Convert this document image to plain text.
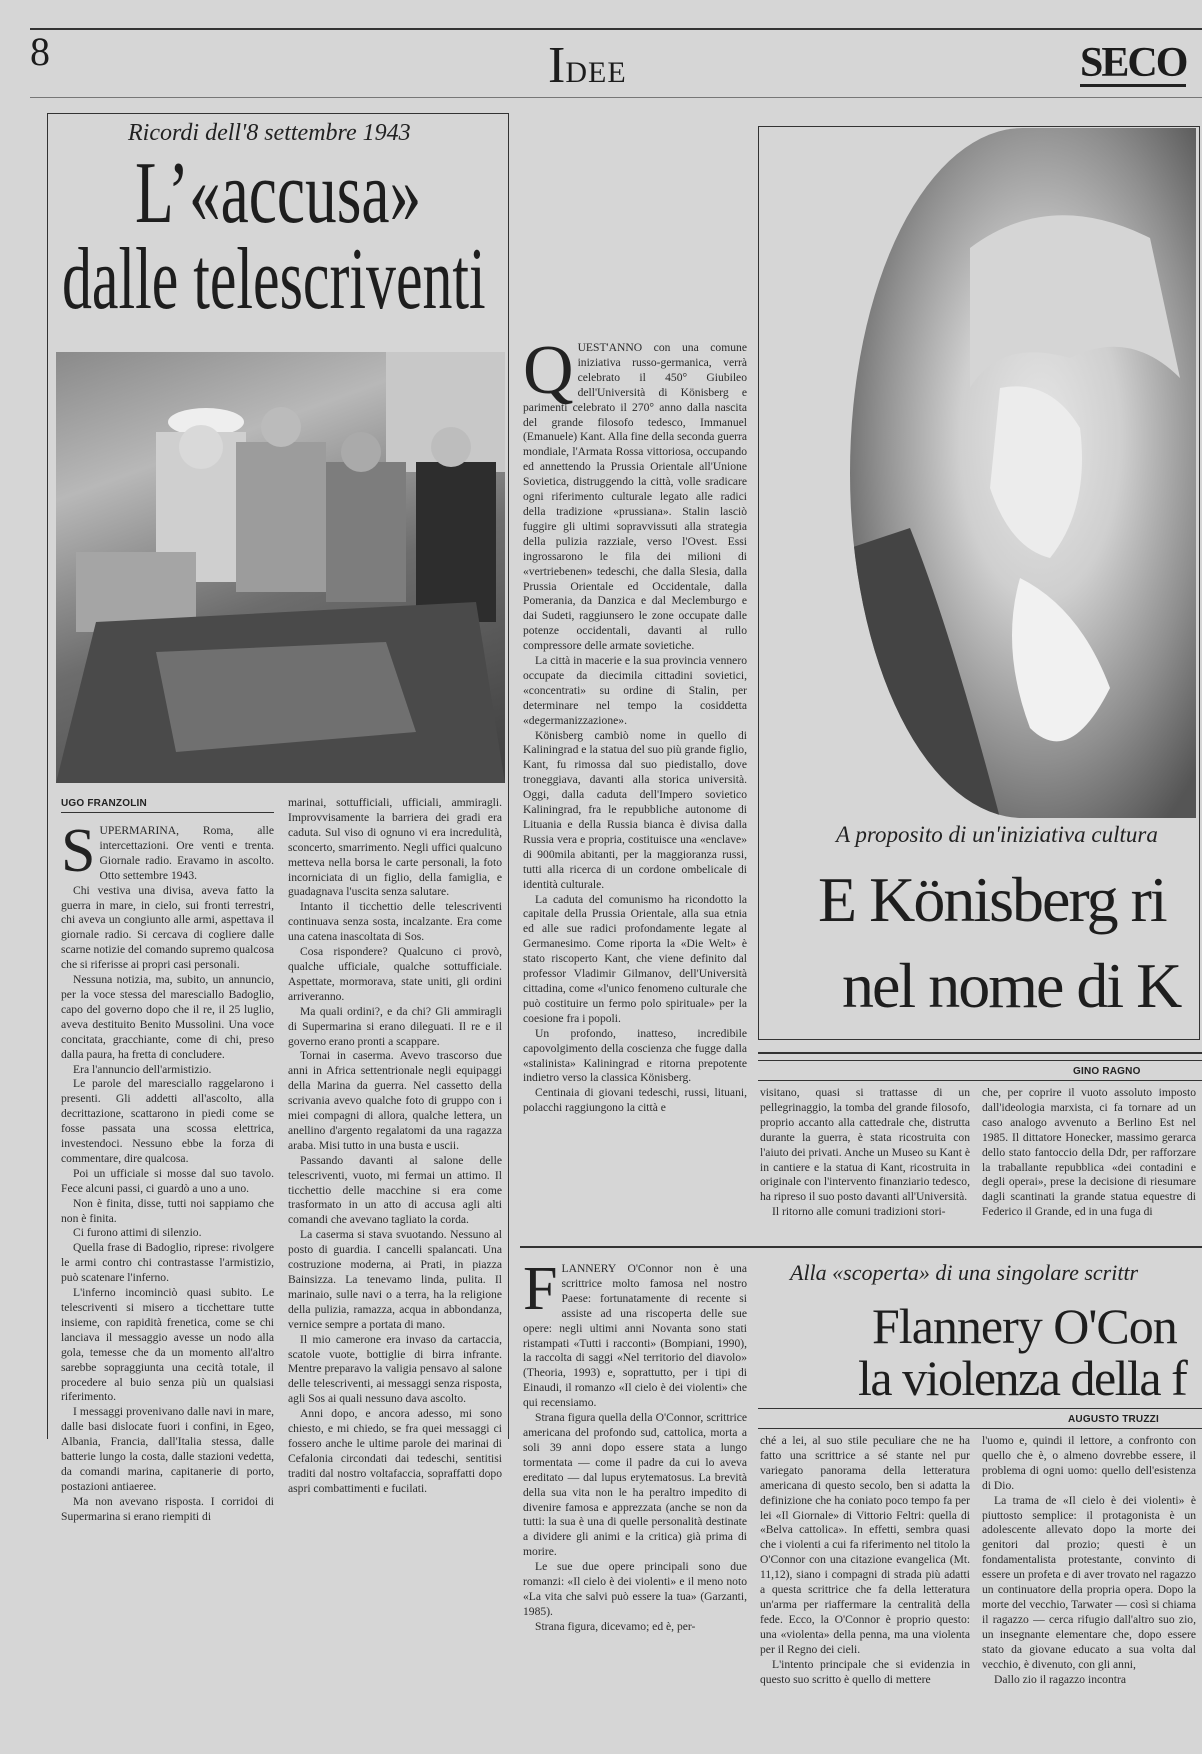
8	IDEE	SECO
Ricordi dell'8 settembre 1943
L’«accusa»
dalle telescriventi
UGO FRANZOLIN
S UPERMARINA, Roma, alle intercettazioni. Ore venti e trenta. Giornale radio. Eravamo in ascolto. Otto settembre 1943.

Chi vestiva una divisa, aveva fatto la guerra in mare, in cielo, sui fronti terrestri, chi aveva un congiunto alle armi, aspettava il giornale radio. Si cercava di cogliere dalle scarne notizie del comando supremo qualcosa che si riferisse ai propri casi personali.

Nessuna notizia, ma, subito, un annuncio, per la voce stessa del maresciallo Badoglio, capo del governo dopo che il re, il 25 luglio, aveva destituito Benito Mussolini. Una voce concitata, gracchiante, come di chi, preso dalla paura, ha fretta di concludere.

Era l'annuncio dell'armistizio.

Le parole del maresciallo raggelarono i presenti. Gli addetti all'ascolto, alla decrittazione, scattarono in piedi come se fosse passata una scossa elettrica, investendoci. Nessuno ebbe la forza di commentare, dire qualcosa.

Poi un ufficiale si mosse dal suo tavolo. Fece alcuni passi, ci guardò a uno a uno.

Non è finita, disse, tutti noi sappiamo che non è finita.

Ci furono attimi di silenzio.

Quella frase di Badoglio, riprese: rivolgere le armi contro chi contrastasse l'armistizio, può scatenare l'inferno.

L'inferno incominciò quasi subito. Le telescriventi si misero a ticchettare tutte insieme, con rapidità frenetica, come se chi lanciava il messaggio avesse un nodo alla gola, temesse che da un momento all'altro sarebbe sopraggiunta una cecità totale, il procedere al buio senza più un qualsiasi riferimento.

I messaggi provenivano dalle navi in mare, dalle basi dislocate fuori i confini, in Egeo, Albania, Francia, dall'Italia stessa, dalle batterie lungo la costa, dalle stazioni vedetta, da comandi marina, capitanerie di porto, postazioni antiaeree.

Ma non avevano risposta. I corridoi di Supermarina si erano riempiti di

marinai, sottufficiali, ufficiali, ammiragli. Improvvisamente la barriera dei gradi era caduta. Sul viso di ognuno vi era incredulità, sconcerto, smarrimento. Negli uffici qualcuno metteva nella borsa le carte personali, la foto incorniciata di un figlio, della famiglia, e guadagnava l'uscita senza salutare.

Intanto il ticchettio delle telescriventi continuava senza sosta, incalzante. Era come una catena inascoltata di Sos.

Cosa rispondere? Qualcuno ci provò, qualche ufficiale, qualche sottufficiale. Aspettate, mormorava, state uniti, gli ordini arriveranno.

Ma quali ordini?, e da chi? Gli ammiragli di Supermarina si erano dileguati. Il re e il governo erano pronti a scappare.

Tornai in caserma. Avevo trascorso due anni in Africa settentrionale negli equipaggi della Marina da guerra. Nel cassetto della scrivania avevo qualche foto di gruppo con i miei compagni di allora, qualche lettera, un anellino d'argento regalatomi da una ragazza araba. Misi tutto in una busta e uscii.

Passando davanti al salone delle telescriventi, vuoto, mi fermai un attimo. Il ticchettio delle macchine si era come trasformato in un atto di accusa agli alti comandi che avevano tagliato la corda.

La caserma si stava svuotando. Nessuno al posto di guardia. I cancelli spalancati. Una costruzione moderna, ai Prati, in piazza Bainsizza. La tenevamo linda, pulita. Il marinaio, sulle navi o a terra, ha la religione della pulizia, ramazza, acqua in abbondanza, vernice sempre a portata di mano.

Il mio camerone era invaso da cartaccia, scatole vuote, bottiglie di birra infrante. Mentre preparavo la valigia pensavo al salone delle telescriventi, ai messaggi senza risposta, agli Sos ai quali nessuno dava ascolto.

Anni dopo, e ancora adesso, mi sono chiesto, e mi chiedo, se fra quei messaggi ci fossero anche le ultime parole dei marinai di Cefalonia circondati dai tedeschi, sentitisi traditi dal nostro voltafaccia, sopraffatti dopo aspri combattimenti e fucilati.

Q UEST'ANNO con una comune iniziativa russo-germanica, verrà celebrato il 450° Giubileo dell'Università di Könisberg e parimenti celebrato il 270° anno dalla nascita del grande filosofo tedesco, Immanuel (Emanuele) Kant. Alla fine della seconda guerra mondiale, l'Armata Rossa vittoriosa, occupando ed annettendo la Prussia Orientale all'Unione Sovietica, distruggendo la città, volle sradicare ogni riferimento culturale legato alle radici della tradizione «prussiana». Stalin lasciò fuggire gli ultimi sopravvissuti alla strategia della pulizia razziale, verso l'Ovest. Essi ingrossarono le fila dei milioni di «vertriebenen» tedeschi, che dalla Slesia, dalla Prussia Orientale ed Occidentale, dalla Pomerania, da Danzica e dal Meclemburgo e dai Sudeti, raggiunsero le zone occupate dalle potenze occidentali, davanti al rullo compressore delle armate sovietiche.

La città in macerie e la sua provincia vennero occupate da diecimila cittadini sovietici, «concentrati» su ordine di Stalin, per determinare nel tempo la cosiddetta «degermanizzazione».

Könisberg cambiò nome in quello di Kaliningrad e la statua del suo più grande figlio, Kant, fu rimossa dal suo piedistallo, dove troneggiava, davanti alla storica università. Oggi, dalla caduta dell'Impero sovietico Kaliningrad, fra le repubbliche autonome di Lituania e della Russia bianca è divisa dalla Russia vera e propria, costituisce una «enclave» di 900mila abitanti, per la maggioranza russi, tutti alla ricerca di un cordone ombelicale di identità culturale.

La caduta del comunismo ha ricondotto la capitale della Prussia Orientale, alla sua etnia ed alle sue radici profondamente legate al Germanesimo. Come riporta la «Die Welt» è stato riscoperto Kant, che viene definito dal professor Vladimir Gilmanov, dell'Università cittadina, come «l'unico fenomeno culturale che può costituire un fermo polo spirituale» per la coesione fra i popoli.

Un profondo, inatteso, incredibile capovolgimento della coscienza che fugge dalla «stalinista» Kaliningrad e ritorna prepotente indietro verso la classica Könisberg.

Centinaia di giovani tedeschi, russi, lituani, polacchi raggiungono la città e

A proposito di un'iniziativa cultura
E Könisberg ri
nel nome di K
GINO RAGNO

visitano, quasi si trattasse di un pellegrinaggio, la tomba del grande filosofo, proprio accanto alla cattedrale che, distrutta durante la guerra, è stata ricostruita con l'aiuto dei privati. Anche un Museo su Kant è in cantiere e la statua di Kant, ricostruita in originale con l'intervento finanziario tedesco, ha ripreso il suo posto davanti all'Università.

Il ritorno alle comuni tradizioni stori-

che, per coprire il vuoto assoluto imposto dall'ideologia marxista, ci fa tornare ad un caso analogo avvenuto a Berlino Est nel 1985. Il dittatore Honecker, massimo gerarca dello stato fantoccio della Ddr, per rafforzare la traballante repubblica «dei contadini e degli operai», prese la decisione di riesumare dagli scantinati la grande statua equestre di Federico il Grande, ed in una fuga di

F LANNERY O'Connor non è una scrittrice molto famosa nel nostro Paese: fortunatamente di recente si assiste ad una riscoperta delle sue opere: negli ultimi anni Novanta sono stati ristampati «Tutti i racconti» (Bompiani, 1990), la raccolta di saggi «Nel territorio del diavolo» (Theoria, 1993) e, soprattutto, per i tipi di Einaudi, il romanzo «Il cielo è dei violenti» che qui recensiamo.

Strana figura quella della O'Connor, scrittrice americana del profondo sud, cattolica, morta a soli 39 anni dopo essere stata a lungo tormentata — come il padre da cui lo aveva ereditato — dal lupus erytematosus. La brevità della sua vita non le ha peraltro impedito di divenire famosa e apprezzata (anche se non da tutti: la sua è una di quelle personalità destinate a dividere gli animi e la critica) già prima di morire.

Le sue due opere principali sono due romanzi: «Il cielo è dei violenti» e il meno noto «La vita che salvi può essere la tua» (Garzanti, 1985).

Strana figura, dicevamo; ed è, per-

Alla «scoperta» di una singolare scrittr
Flannery O'Con
la violenza della f
AUGUSTO TRUZZI

ché a lei, al suo stile peculiare che ne ha fatto una scrittrice a sé stante nel pur variegato panorama della letteratura americana di questo secolo, ben si adatta la definizione che ha coniato poco tempo fa per lei «Il Giornale» di Vittorio Feltri: quella di «Belva cattolica». In effetti, sembra quasi che i violenti a cui fa riferimento nel titolo la O'Connor con una citazione evangelica (Mt. 11,12), siano i compagni di strada più adatti a questa scrittrice che fa della letteratura un'arma per riaffermare la centralità della fede. Ecco, la O'Connor è proprio questo: una «violenta» della penna, ma una violenta per il Regno dei cieli.

L'intento principale che si evidenzia in questo suo scritto è quello di mettere

l'uomo e, quindi il lettore, a confronto con quello che è, o almeno dovrebbe essere, il problema di ogni uomo: quello dell'esistenza di Dio.

La trama de «Il cielo è dei violenti» è piuttosto semplice: il protagonista è un adolescente allevato dopo la morte dei genitori dal prozio; questi è un fondamentalista protestante, convinto di essere un profeta e di aver trovato nel ragazzo un continuatore della propria opera. Dopo la morte del vecchio, Tarwater — così si chiama il ragazzo — cerca rifugio dall'altro suo zio, un insegnante elementare che, dopo essere stato da giovane educato a sua volta dal vecchio, è divenuto, con gli anni,

Dallo zio il ragazzo incontra
